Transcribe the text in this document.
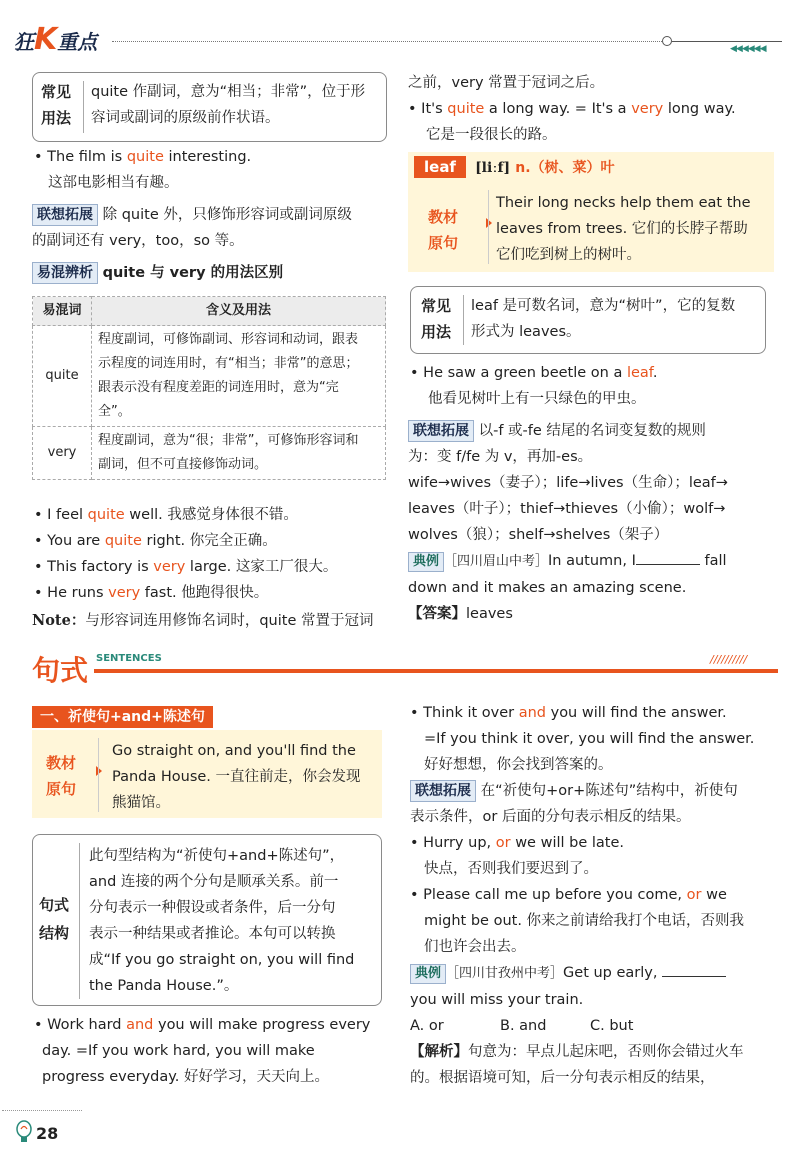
狂K重点	◀◀◀◀◀◀
常见
用法
quite 作副词，意为“相当；非常”，位于形
容词或副词的原级前作状语。
• The film is quite interesting.
这部电影相当有趣。
联想拓展 除 quite 外，只修饰形容词或副词原级
的副词还有 very，too，so 等。
易混辨析 quite 与 very 的用法区别
易混词	含义及用法
quite	程度副词，可修饰副词、形容词和动词，跟表
示程度的词连用时，有“相当；非常”的意思；
跟表示没有程度差距的词连用时，意为“完
全”。

very	程度副词，意为“很；非常”，可修饰形容词和
副词，但不可直接修饰动词。
• I feel quite well. 我感觉身体很不错。
• You are quite right. 你完全正确。
• This factory is very large. 这家工厂很大。
• He runs very fast. 他跑得很快。
Note：与形容词连用修饰名词时，quite 常置于冠词
之前，very 常置于冠词之后。
• It's quite a long way. = It's a very long way.
它是一段很长的路。
leaf [liːf] n.（树、菜）叶
教材
原句
Their long necks help them eat the
leaves from trees. 它们的长脖子帮助
它们吃到树上的树叶。
常见
用法
leaf 是可数名词，意为“树叶”，它的复数
形式为 leaves。
• He saw a green beetle on a leaf.
他看见树叶上有一只绿色的甲虫。
联想拓展 以-f 或-fe 结尾的名词变复数的规则
为：变 f/fe 为 v，再加-es。
wife→wives（妻子）；life→lives（生命）；leaf→
leaves（叶子）；thief→thieves（小偷）；wolf→
wolves（狼）；shelf→shelves（架子）
典例 ［四川眉山中考］In autumn, I	fall
down and it makes an amazing scene.
【答案】leaves
句式 SENTENCES	//////////
一、祈使句+and+陈述句
教材
原句
Go straight on, and you'll find the
Panda House. 一直往前走，你会发现
熊猫馆。
句式
结构
此句型结构为“祈使句+and+陈述句”，
and 连接的两个分句是顺承关系。前一
分句表示一种假设或者条件，后一分句
表示一种结果或者推论。本句可以转换
成“If you go straight on, you will find
the Panda House.”。
• Work hard and you will make progress every
day. =If you work hard, you will make
progress everyday. 好好学习，天天向上。
• Think it over and you will find the answer.
=If you think it over, you will find the answer.
好好想想，你会找到答案的。
联想拓展 在“祈使句+or+陈述句”结构中，祈使句
表示条件，or 后面的分句表示相反的结果。
• Hurry up, or we will be late.
快点，否则我们要迟到了。
• Please call me up before you come, or we
might be out. 你来之前请给我打个电话，否则我
们也许会出去。
典例 ［四川甘孜州中考］Get up early,
you will miss your train.
A. or	B. and	C. but
【解析】句意为：早点儿起床吧，否则你会错过火车
的。根据语境可知，后一分句表示相反的结果，
28
